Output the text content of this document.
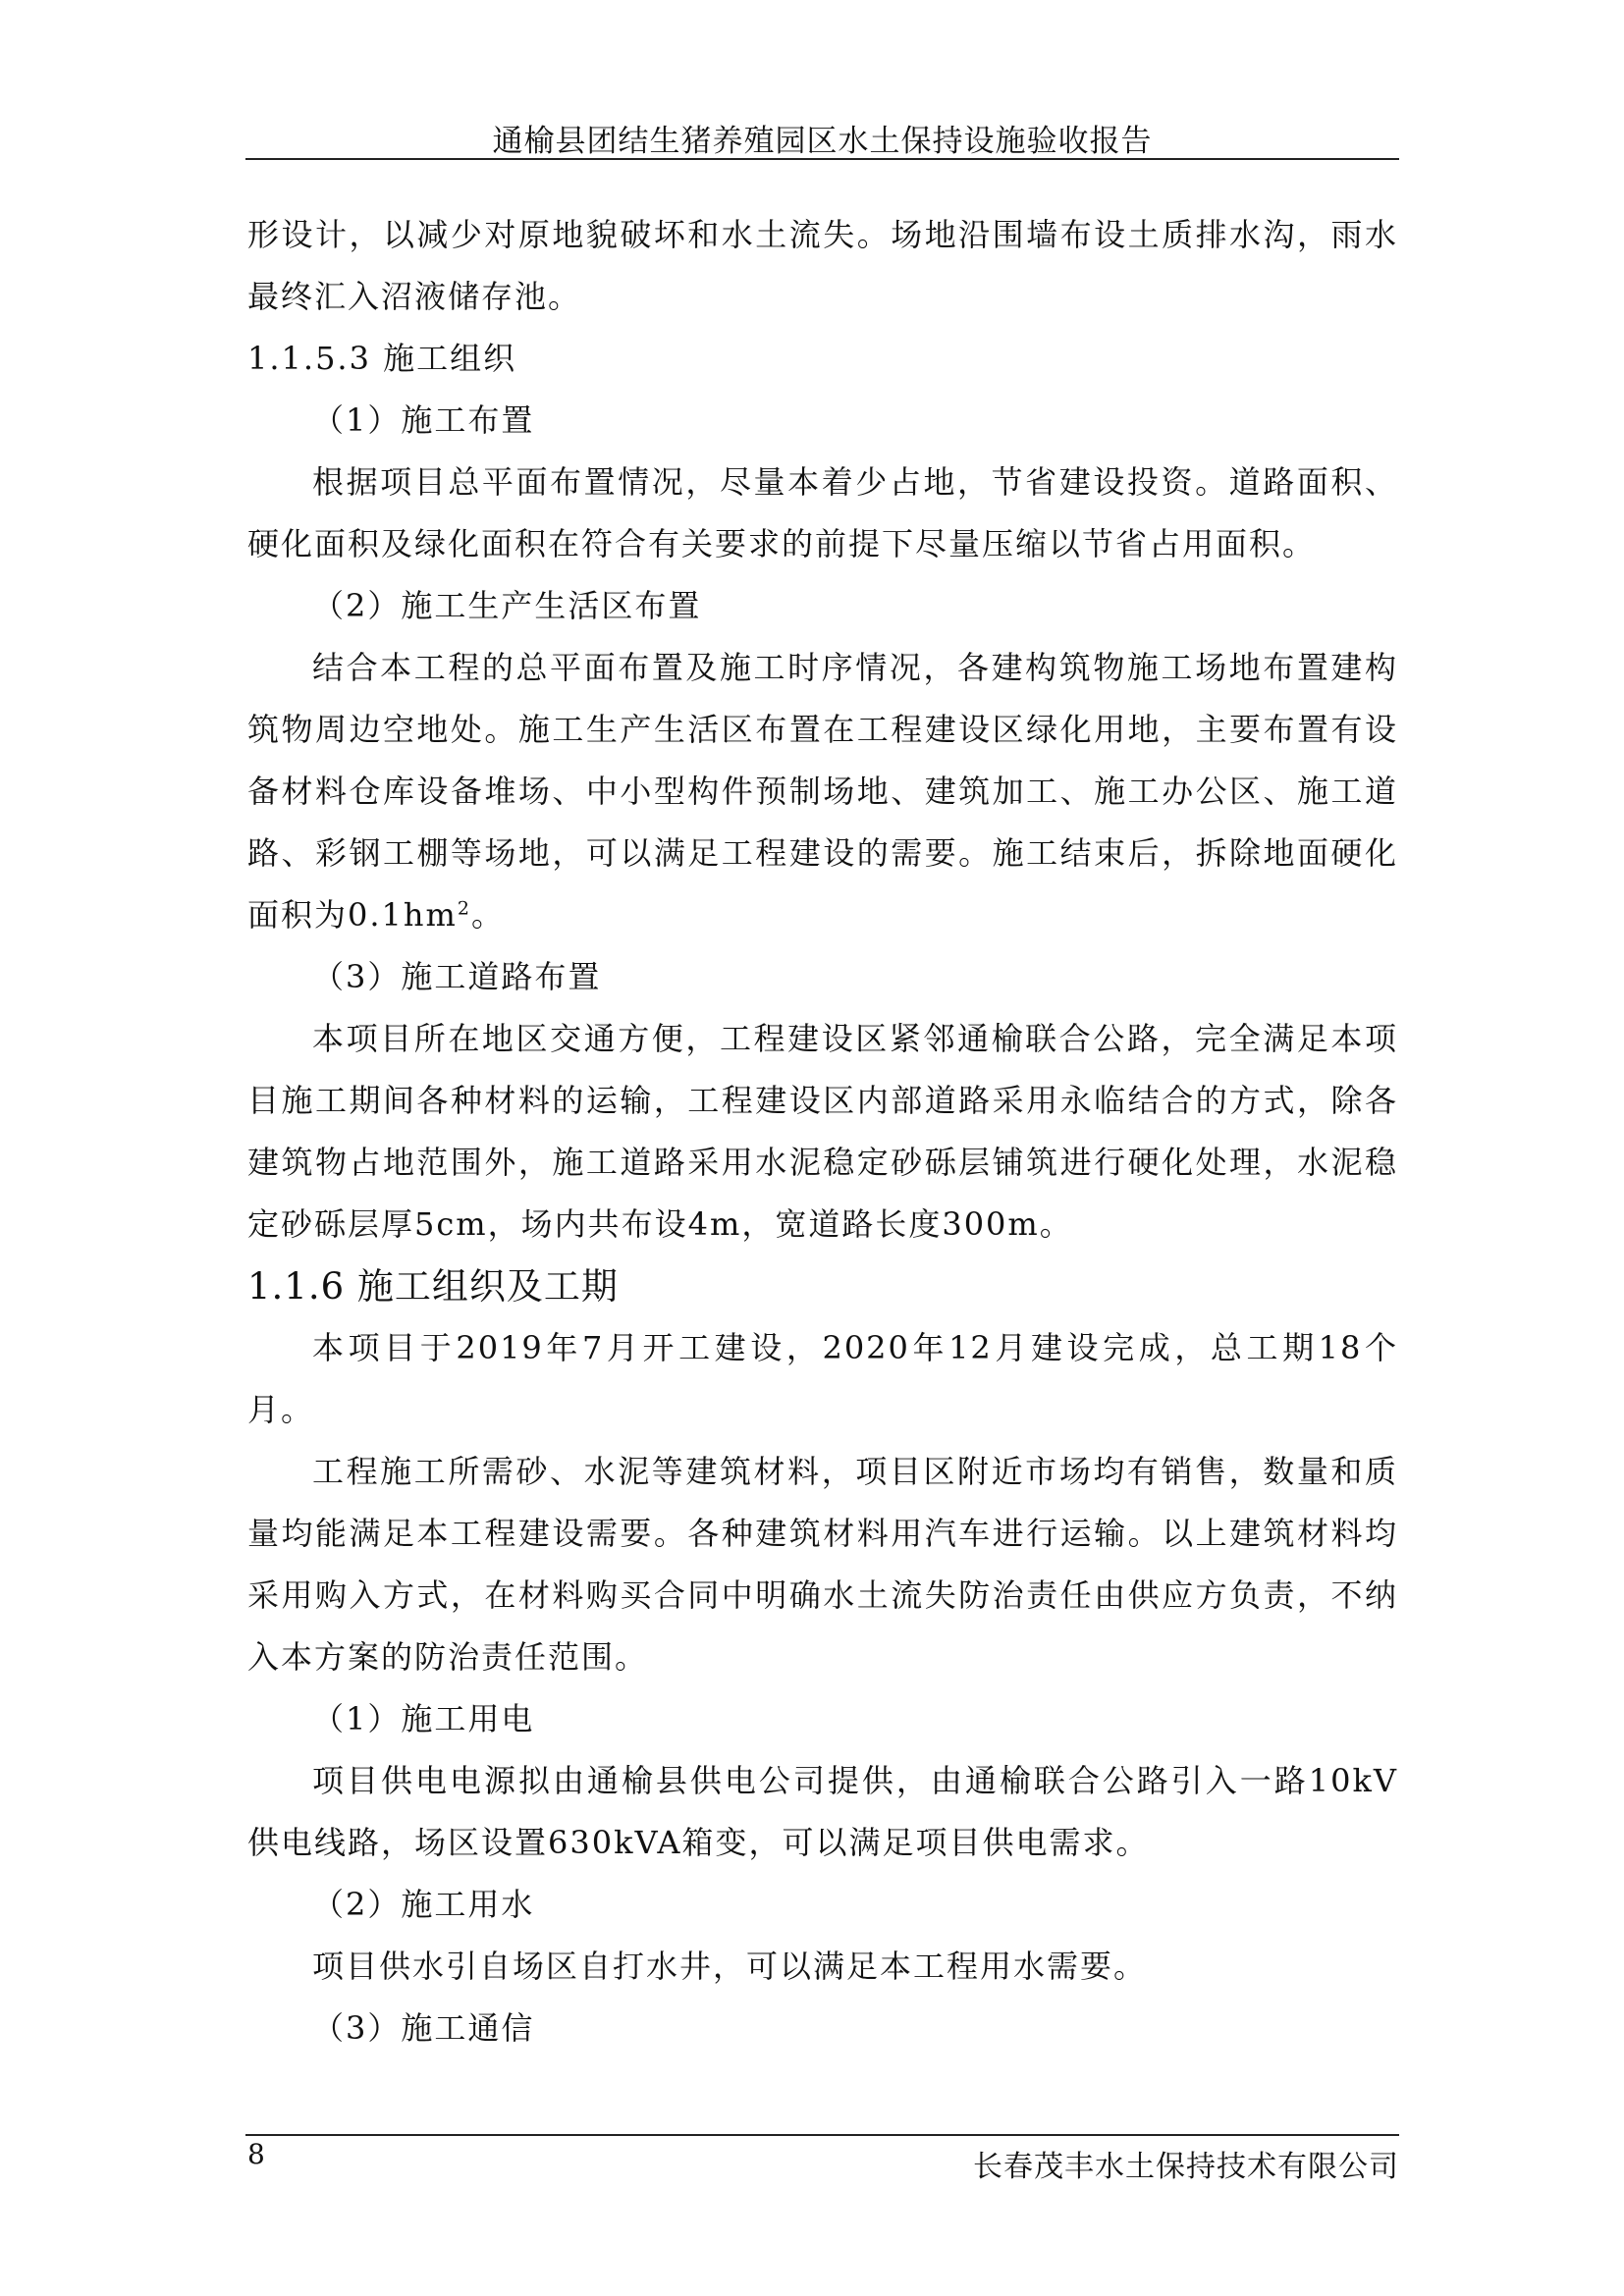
通榆县团结生猪养殖园区水土保持设施验收报告

形设计，以减少对原地貌破坏和水土流失。场地沿围墙布设土质排水沟，雨水最终汇入沼液储存池。

1.1.5.3 施工组织

（1）施工布置

根据项目总平面布置情况，尽量本着少占地，节省建设投资。道路面积、硬化面积及绿化面积在符合有关要求的前提下尽量压缩以节省占用面积。

（2）施工生产生活区布置

结合本工程的总平面布置及施工时序情况，各建构筑物施工场地布置建构筑物周边空地处。施工生产生活区布置在工程建设区绿化用地，主要布置有设备材料仓库设备堆场、中小型构件预制场地、建筑加工、施工办公区、施工道路、彩钢工棚等场地，可以满足工程建设的需要。施工结束后，拆除地面硬化面积为$0.1hm^2$。

（3）施工道路布置

本项目所在地区交通方便，工程建设区紧邻通榆联合公路，完全满足本项目施工期间各种材料的运输，工程建设区内部道路采用永临结合的方式，除各建筑物占地范围外，施工道路采用水泥稳定砂砾层铺筑进行硬化处理，水泥稳定砂砾层厚5cm，场内共布设4m，宽道路长度300m。

1.1.6 施工组织及工期

本项目于2019年7月开工建设，2020年12月建设完成，总工期18个月。

工程施工所需砂、水泥等建筑材料，项目区附近市场均有销售，数量和质量均能满足本工程建设需要。各种建筑材料用汽车进行运输。以上建筑材料均采用购入方式，在材料购买合同中明确水土流失防治责任由供应方负责，不纳入本方案的防治责任范围。

（1）施工用电

项目供电电源拟由通榆县供电公司提供，由通榆联合公路引入一路10kV供电线路，场区设置630kVA箱变，可以满足项目供电需求。

（2）施工用水

项目供水引自场区自打水井，可以满足本工程用水需要。

（3）施工通信

8	长春茂丰水土保持技术有限公司
